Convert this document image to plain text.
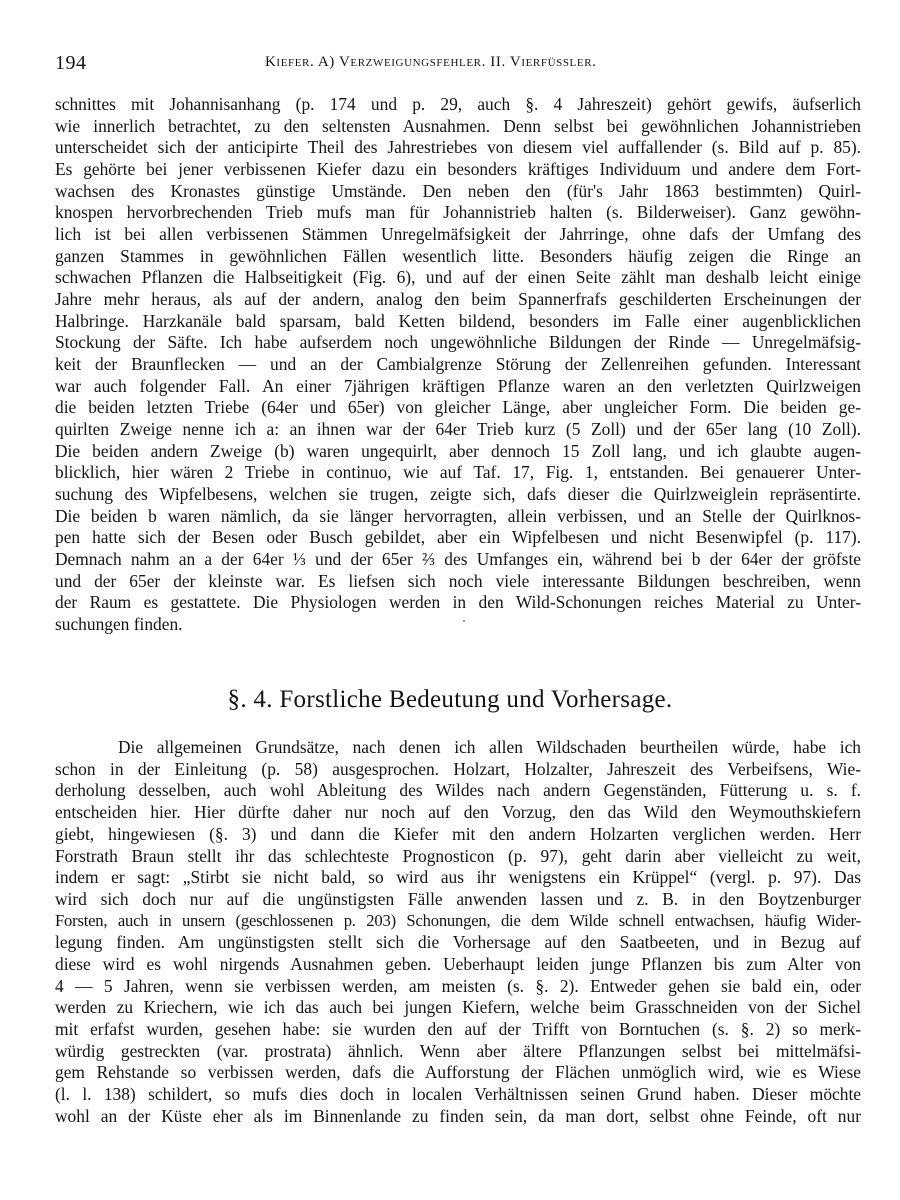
194	Kiefer. A) Verzweigungsfehler. II. Vierfüssler.
schnittes mit Johannisanhang (p. 174 und p. 29, auch §. 4 Jahreszeit) gehört gewifs, äufserlich
wie innerlich betrachtet, zu den seltensten Ausnahmen. Denn selbst bei gewöhnlichen Johannistrieben
unterscheidet sich der anticipirte Theil des Jahrestriebes von diesem viel auffallender (s. Bild auf p. 85).
Es gehörte bei jener verbissenen Kiefer dazu ein besonders kräftiges Individuum und andere dem Fort-
wachsen des Kronastes günstige Umstände. Den neben den (für's Jahr 1863 bestimmten) Quirl-
knospen hervorbrechenden Trieb mufs man für Johannistrieb halten (s. Bilderweiser). Ganz gewöhn-
lich ist bei allen verbissenen Stämmen Unregelmäfsigkeit der Jahrringe, ohne dafs der Umfang des
ganzen Stammes in gewöhnlichen Fällen wesentlich litte. Besonders häufig zeigen die Ringe an
schwachen Pflanzen die Halbseitigkeit (Fig. 6), und auf der einen Seite zählt man deshalb leicht einige
Jahre mehr heraus, als auf der andern, analog den beim Spannerfrafs geschilderten Erscheinungen der
Halbringe. Harzkanäle bald sparsam, bald Ketten bildend, besonders im Falle einer augenblicklichen
Stockung der Säfte. Ich habe aufserdem noch ungewöhnliche Bildungen der Rinde — Unregelmäfsig-
keit der Braunflecken — und an der Cambialgrenze Störung der Zellenreihen gefunden. Interessant
war auch folgender Fall. An einer 7jährigen kräftigen Pflanze waren an den verletzten Quirlzweigen
die beiden letzten Triebe (64er und 65er) von gleicher Länge, aber ungleicher Form. Die beiden ge-
quirlten Zweige nenne ich a: an ihnen war der 64er Trieb kurz (5 Zoll) und der 65er lang (10 Zoll).
Die beiden andern Zweige (b) waren ungequirlt, aber dennoch 15 Zoll lang, und ich glaubte augen-
blicklich, hier wären 2 Triebe in continuo, wie auf Taf. 17, Fig. 1, entstanden. Bei genauerer Unter-
suchung des Wipfelbesens, welchen sie trugen, zeigte sich, dafs dieser die Quirlzweiglein repräsentirte.
Die beiden b waren nämlich, da sie länger hervorragten, allein verbissen, und an Stelle der Quirlknos-
pen hatte sich der Besen oder Busch gebildet, aber ein Wipfelbesen und nicht Besenwipfel (p. 117).
Demnach nahm an a der 64er ⅓ und der 65er ⅔ des Umfanges ein, während bei b der 64er der gröfste
und der 65er der kleinste war. Es liefsen sich noch viele interessante Bildungen beschreiben, wenn
der Raum es gestattete. Die Physiologen werden in den Wild-Schonungen reiches Material zu Unter-
suchungen finden.
§. 4. Forstliche Bedeutung und Vorhersage.
Die allgemeinen Grundsätze, nach denen ich allen Wildschaden beurtheilen würde, habe ich
schon in der Einleitung (p. 58) ausgesprochen. Holzart, Holzalter, Jahreszeit des Verbeifsens, Wie-
derholung desselben, auch wohl Ableitung des Wildes nach andern Gegenständen, Fütterung u. s. f.
entscheiden hier. Hier dürfte daher nur noch auf den Vorzug, den das Wild den Weymouthskiefern
giebt, hingewiesen (§. 3) und dann die Kiefer mit den andern Holzarten verglichen werden. Herr
Forstrath Braun stellt ihr das schlechteste Prognosticon (p. 97), geht darin aber vielleicht zu weit,
indem er sagt: „Stirbt sie nicht bald, so wird aus ihr wenigstens ein Krüppel“ (vergl. p. 97). Das
wird sich doch nur auf die ungünstigsten Fälle anwenden lassen und z. B. in den Boytzenburger
Forsten, auch in unsern (geschlossenen p. 203) Schonungen, die dem Wilde schnell entwachsen, häufig Wider-
legung finden. Am ungünstigsten stellt sich die Vorhersage auf den Saatbeeten, und in Bezug auf
diese wird es wohl nirgends Ausnahmen geben. Ueberhaupt leiden junge Pflanzen bis zum Alter von
4 — 5 Jahren, wenn sie verbissen werden, am meisten (s. §. 2). Entweder gehen sie bald ein, oder
werden zu Kriechern, wie ich das auch bei jungen Kiefern, welche beim Grasschneiden von der Sichel
mit erfafst wurden, gesehen habe: sie wurden den auf der Trifft von Borntuchen (s. §. 2) so merk-
würdig gestreckten (var. prostrata) ähnlich. Wenn aber ältere Pflanzungen selbst bei mittelmäfsi-
gem Rehstande so verbissen werden, dafs die Aufforstung der Flächen unmöglich wird, wie es Wiese
(l. l. 138) schildert, so mufs dies doch in localen Verhältnissen seinen Grund haben. Dieser möchte
wohl an der Küste eher als im Binnenlande zu finden sein, da man dort, selbst ohne Feinde, oft nur
